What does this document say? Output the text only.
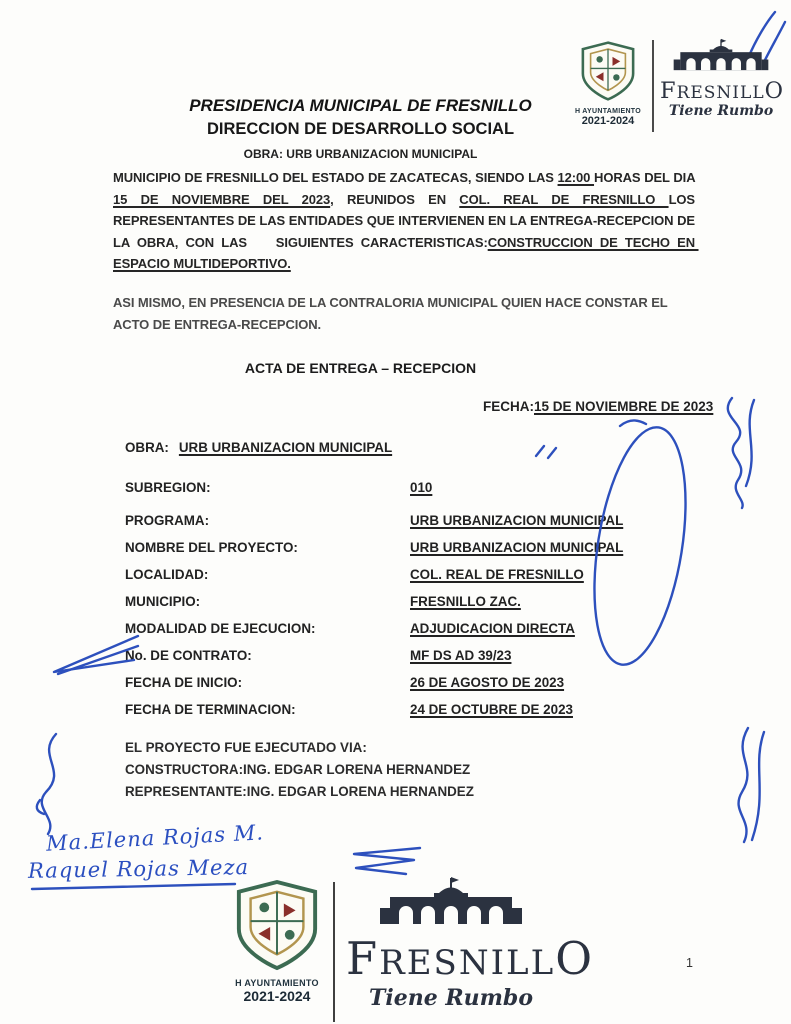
H AYUNTAMIENTO
2021-2024
FRESNILLO
Tiene Rumbo
PRESIDENCIA MUNICIPAL DE FRESNILLO
DIRECCION DE DESARROLLO SOCIAL
OBRA: URB URBANIZACION MUNICIPAL

MUNICIPIO DE FRESNILLO DEL ESTADO DE ZACATECAS, SIENDO LAS 12:00 HORAS DEL DIA 15 DE NOVIEMBRE DEL 2023, REUNIDOS EN COL. REAL DE FRESNILLO LOS REPRESENTANTES DE LAS ENTIDADES QUE INTERVIENEN EN LA ENTREGA-RECEPCION DE LA OBRA, CON LAS    SIGUIENTES CARACTERISTICAS:CONSTRUCCION DE TECHO EN ESPACIO MULTIDEPORTIVO.

ASI MISMO, EN PRESENCIA DE LA CONTRALORIA MUNICIPAL QUIEN HACE CONSTAR EL ACTO DE ENTREGA-RECEPCION.

ACTA DE ENTREGA – RECEPCION
FECHA:15 DE NOVIEMBRE DE 2023
OBRA: URB URBANIZACION MUNICIPAL
SUBREGION:	010
PROGRAMA:	URB URBANIZACION MUNICIPAL
NOMBRE DEL PROYECTO:	URB URBANIZACION MUNICIPAL
LOCALIDAD:	COL. REAL DE FRESNILLO
MUNICIPIO:	FRESNILLO ZAC.
MODALIDAD DE EJECUCION:	ADJUDICACION DIRECTA
No. DE CONTRATO:	MF DS AD 39/23
FECHA DE INICIO:	26 DE AGOSTO DE 2023
FECHA DE TERMINACION:	24 DE OCTUBRE DE 2023
EL PROYECTO FUE EJECUTADO VIA:
CONSTRUCTORA:ING. EDGAR LORENA HERNANDEZ
REPRESENTANTE:ING. EDGAR LORENA HERNANDEZ
Ma.Elena Rojas M.
Raquel Rojas Meza
H AYUNTAMIENTO
2021-2024
FRESNILLO
Tiene Rumbo
1
